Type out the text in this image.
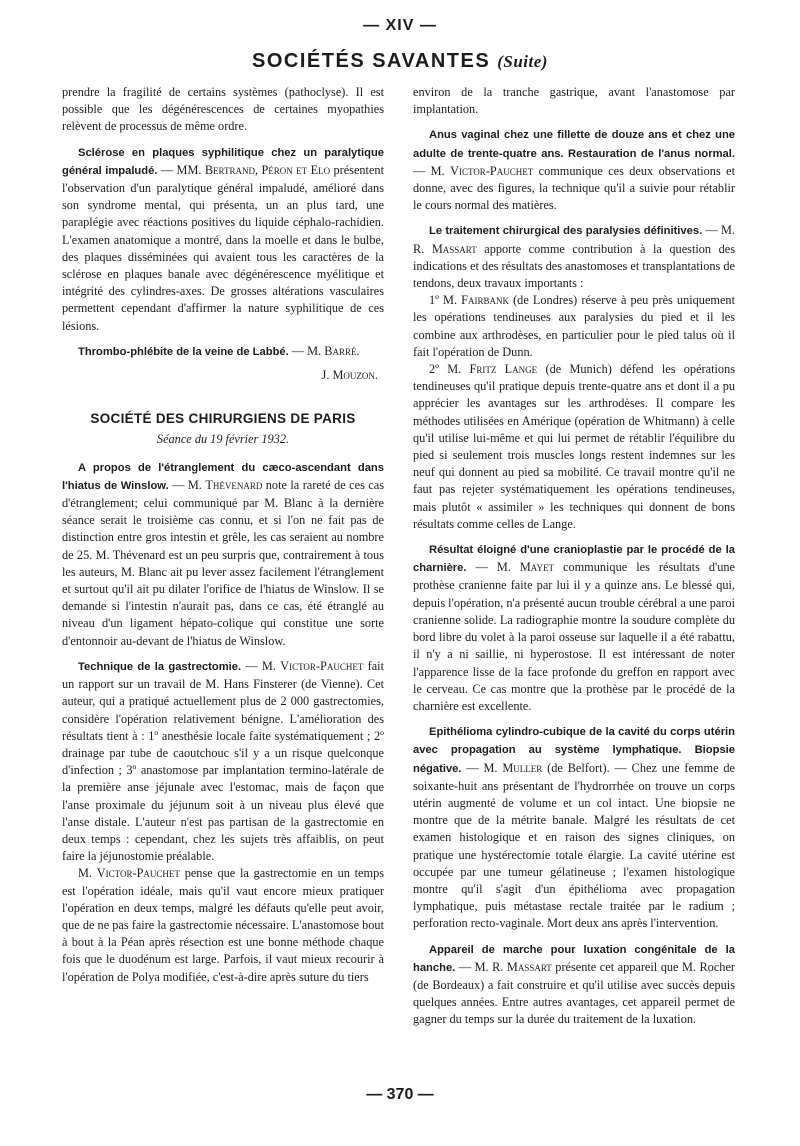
— XIV —
SOCIÉTÉS SAVANTES (Suite)

prendre la fragilité de certains systèmes (pathoclyse). Il est possible que les dégénérescences de certaines myopathies relèvent de processus de même ordre.

Sclérose en plaques syphilitique chez un paralytique général impaludé. — MM. Bertrand, Péron et Elo présentent l'observation d'un paralytique général impaludé, amélioré dans son syndrome mental, qui présenta, un an plus tard, une paraplégie avec réactions positives du liquide céphalo-rachidien. L'examen anatomique a montré, dans la moelle et dans le bulbe, des plaques disséminées qui avaient tous les caractères de la sclérose en plaques banale avec dégénérescence myélitique et intégrité des cylindres-axes. De grosses altérations vasculaires permettent cependant d'affirmer la nature syphilitique de ces lésions.

Thrombo-phlébite de la veine de Labbé. — M. Barré.

J. Mouzon.
SOCIÉTÉ DES CHIRURGIENS DE PARIS
Séance du 19 février 1932.

A propos de l'étranglement du cæco-ascendant dans l'hiatus de Winslow. — M. Thévenard note la rareté de ces cas d'étranglement; celui communiqué par M. Blanc à la dernière séance serait le troisième cas connu, et si l'on ne fait pas de distinction entre gros intestin et grêle, les cas seraient au nombre de 25. M. Thévenard est un peu surpris que, contrairement à tous les auteurs, M. Blanc ait pu lever assez facilement l'étranglement et surtout qu'il ait pu dilater l'orifice de l'hiatus de Winslow. Il se demande si l'intestin n'aurait pas, dans ce cas, été étranglé au niveau d'un ligament hépato-colique qui constitue une sorte d'entonnoir au-devant de l'hiatus de Winslow.

Technique de la gastrectomie. — M. Victor-Pauchet fait un rapport sur un travail de M. Hans Finsterer (de Vienne). Cet auteur, qui a pratiqué actuellement plus de 2 000 gastrectomies, considère l'opération relativement bénigne. L'amélioration des résultats tient à : 1º anesthésie locale faite systématiquement ; 2º drainage par tube de caoutchouc s'il y a un risque quelconque d'infection ; 3º anastomose par implantation termino-latérale de la première anse jéjunale avec l'estomac, mais de façon que l'anse proximale du jéjunum soit à un niveau plus élevé que l'anse distale. L'auteur n'est pas partisan de la gastrectomie en deux temps : cependant, chez les sujets très affaiblis, on peut faire la jéjunostomie préalable.

M. Victor-Pauchet pense que la gastrectomie en un temps est l'opération idéale, mais qu'il vaut encore mieux pratiquer l'opération en deux temps, malgré les défauts qu'elle peut avoir, que de ne pas faire la gastrectomie nécessaire. L'anastomose bout à bout à la Péan après résection est une bonne méthode chaque fois que le duodénum est large. Parfois, il vaut mieux recourir à l'opération de Polya modifiée, c'est-à-dire après suture du tiers

environ de la tranche gastrique, avant l'anastomose par implantation.

Anus vaginal chez une fillette de douze ans et chez une adulte de trente-quatre ans. Restauration de l'anus normal. — M. Victor-Pauchet communique ces deux observations et donne, avec des figures, la technique qu'il a suivie pour rétablir le cours normal des matières.

Le traitement chirurgical des paralysies définitives. — M. R. Massart apporte comme contribution à la question des indications et des résultats des anastomoses et transplantations de tendons, deux travaux importants :

1º M. Fairbank (de Londres) réserve à peu près uniquement les opérations tendineuses aux paralysies du pied et il les combine aux arthrodèses, en particulier pour le pied talus où il fait l'opération de Dunn.

2º M. Fritz Lange (de Munich) défend les opérations tendineuses qu'il pratique depuis trente-quatre ans et dont il a pu apprécier les avantages sur les arthrodèses. Il compare les méthodes utilisées en Amérique (opération de Whitmann) à celle qu'il utilise lui-même et qui lui permet de rétablir l'équilibre du pied si seulement trois muscles longs restent indemnes sur les neuf qui donnent au pied sa mobilité. Ce travail montre qu'il ne faut pas rejeter systématiquement les opérations tendineuses, mais plutôt « assimiler » les techniques qui donnent de bons résultats comme celles de Lange.

Résultat éloigné d'une cranioplastie par le procédé de la charnière. — M. Mayet communique les résultats d'une prothèse cranienne faite par lui il y a quinze ans. Le blessé qui, depuis l'opération, n'a présenté aucun trouble cérébral a une paroi cranienne solide. La radiographie montre la soudure complète du bord libre du volet à la paroi osseuse sur laquelle il a été rabattu, il n'y a ni saillie, ni hyperostose. Il est intéressant de noter l'apparence lisse de la face profonde du greffon en rapport avec le cerveau. Ce cas montre que la prothèse par le procédé de la charnière est excellente.

Epithélioma cylindro-cubique de la cavité du corps utérin avec propagation au système lymphatique. Biopsie négative. — M. Muller (de Belfort). — Chez une femme de soixante-huit ans présentant de l'hydrorrhée on trouve un corps utérin augmenté de volume et un col intact. Une biopsie ne montre que de la métrite banale. Malgré les résultats de cet examen histologique et en raison des signes cliniques, on pratique une hystérectomie totale élargie. La cavité utérine est occupée par une tumeur gélatineuse ; l'examen histologique montre qu'il s'agit d'un épithélioma avec propagation lymphatique, puis métastase rectale traitée par le radium ; perforation recto-vaginale. Mort deux ans après l'intervention.

Appareil de marche pour luxation congénitale de la hanche. — M. R. Massart présente cet appareil que M. Rocher (de Bordeaux) a fait construire et qu'il utilise avec succès depuis quelques années. Entre autres avantages, cet appareil permet de gagner du temps sur la durée du traitement de la luxation.

— 370 —
